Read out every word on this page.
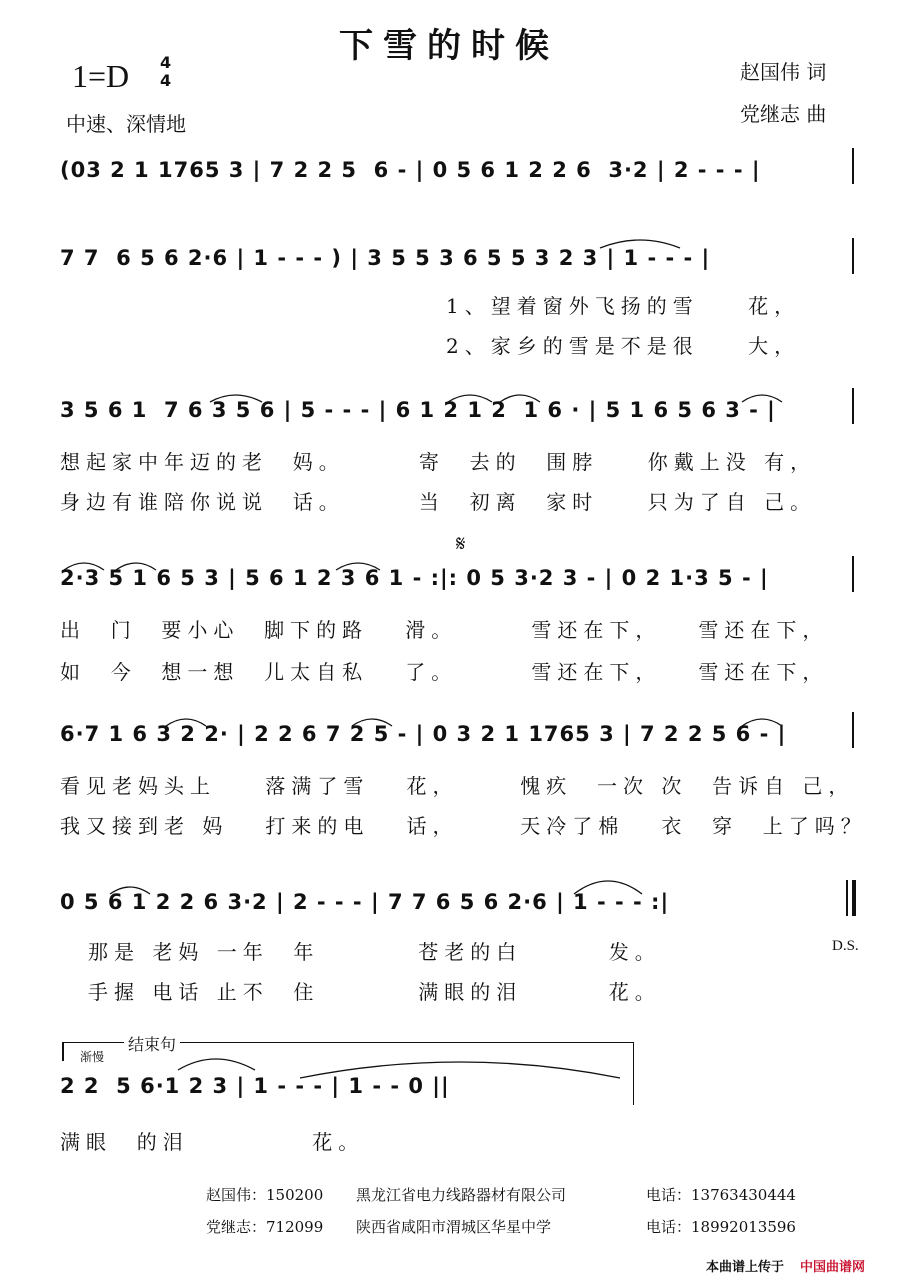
下雪的时候
1=D 4
4
中速、深情地
赵国伟 词
党继志 曲
(03 2 1 1765 3 | 7 2 2 5  6 - | 0 5 6 1 2 2 6  3·2 | 2 - - - |
7 7  6 5 6 2·6 | 1 - - - ) | 3 5 5 3 6 5 5 3 2 3 | 1 - - - |
1、望着窗外飞扬的雪    花，
2、家乡的雪是不是很    大，
3 5 6 1  7 6 3 5 6 | 5 - - - | 6 1 2 1 2  1 6 · | 5 1 6 5 6 3 - |
想起家中年迈的老  妈。      寄  去的  围脖    你戴上没 有，
身边有谁陪你说说  话。      当  初离  家时    只为了自 己。
𝄋
2·3 5 1 6 5 3 | 5 6 1 2 3 6 1 - :|: 0 5 3·2 3 - | 0 2 1·3 5 - |
出  门  要小心  脚下的路   滑。      雪还在下，   雪还在下，
如  今  想一想  儿太自私   了。      雪还在下，   雪还在下，
6·7 1 6 3 2 2· | 2 2 6 7 2 5 - | 0 3 2 1 1765 3 | 7 2 2 5 6 - |
看见老妈头上    落满了雪   花，     愧疚  一次 次  告诉自 己，
我又接到老 妈   打来的电   话，     天冷了棉   衣  穿  上了吗？
0 5 6 1 2 2 6 3·2 | 2 - - - | 7 7 6 5 6 2·6 | 1 - - - :|
那是 老妈 一年  年        苍老的白       发。
手握 电话 止不  住        满眼的泪       花。
D.S.
结束句
渐慢
2 2  5 6·1 2 3 | 1 - - - | 1 - - 0 ||
满眼  的泪          花。
赵国伟：150200 黑龙江省电力线路器材有限公司	电话：13763430444
党继志：712099 陕西省咸阳市渭城区华星中学	电话：18992013596
本曲谱上传于 中国曲谱网
